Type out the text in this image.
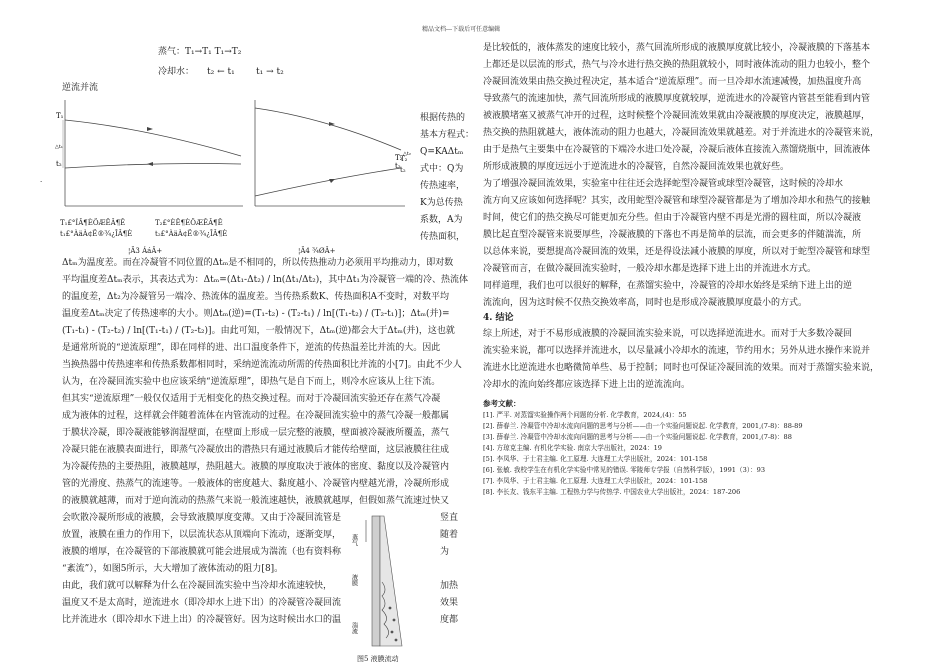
精品文档---下载后可任意编辑
蒸气：T₁→T₁ T₁→T₂
冷却水： t₂ ← t₁ t₁ → t₂
逆流并流
T₁
△t₁
t₂
T₂
t₂
△t₂
T₂
t₂
.
T₁£°ÍÂ¶ÈÖÆÊÂ¶Ê
t₁£°ÀäÀ¢Ë®¾¿ÎÂ¶È
¦Ä3 ÁáÂ+
T₂£°ÈÊ¶ÈÖÆÊÂ¶Ê
t₂£°ÀäÀ¢Ë®¾¿ÎÂ¶È
¦Ä4 ¾ØÂ+
根据传热的
基本方程式：
Q=KAΔtₘ
式中：Q为
传热速率，
K为总传热
系数，A为
传热面积，
Δtₘ为温度差。而在冷凝管不同位置的Δtₘ是不相同的，所以传热推动力必须用平均推动力，即对数
平均温度差Δtₘ表示，其表达式为：Δtₘ=(Δt₁-Δt₂) / ln(Δt₁/Δt₂)，其中Δt₁为冷凝管一端的冷、热流体
的温度差，Δt₂为冷凝管另一端冷、热流体的温度差。当传热系数K、传热面积A不变时，对数平均
温度差Δtₘ决定了传热速率的大小。则Δtₘ(逆)=(T₁-t₂) - (T₂-t₁) / ln[(T₁-t₂) / (T₂-t₁)]；Δtₘ(并)=
(T₁-t₁) - (T₂-t₂) / ln[(T₁-t₁) / (T₂-t₂)]。由此可知，一般情况下，Δtₘ(逆)都会大于Δtₘ(并)，这也就
是通常所说的“逆流原理”，即在同样的进、出口温度条件下，逆流的传热温差比并流的大。因此
当换热器中传热速率和传热系数都相同时，采纳逆流流动所需的传热面积比并流的小[7]。由此不少人
认为，在冷凝回流实验中也应该采纳“逆流原理”，即热气是自下而上，则冷水应该从上往下流。
但其实“逆流原理”一般仅仅适用于无相变化的热交换过程。而对于冷凝回流实验还存在蒸气冷凝
成为液体的过程，这样就会伴随着流体在内管流动的过程。在冷凝回流实验中的蒸气冷凝一般都属
于膜状冷凝，即冷凝液能够润湿壁面，在壁面上形成一层完整的液膜，壁面被冷凝液所覆盖，蒸气
冷凝只能在液膜表面进行，即蒸气冷凝放出的潜热只有通过液膜后才能传给壁面，这层液膜往往成
为冷凝传热的主要热阻，液膜越厚，热阻越大。液膜的厚度取决于液体的密度、黏度以及冷凝管内
管的光滑度、热蒸气的流速等。一般液体的密度越大、黏度越小、冷凝管内壁越光滑，冷凝所形成
的液膜就越薄，而对于逆向流动的热蒸气来说一般流速越快，液膜就越厚，但假如蒸气流速过快又
会吹散冷凝所形成的液膜，会导致液膜厚度变薄。又由于冷凝回流管是
放置，液膜在重力的作用下，以层流状态从顶端向下流动，逐渐变厚，
液膜的增厚，在冷凝管的下部液膜就可能会进展成为湍流（也有资料称
“紊流”），如图5所示，大大增加了液体流动的阻力[8]。
由此，我们就可以解释为什么在冷凝回流实验中当冷却水流速较快，
温度又不是太高时，逆流进水（即冷却水上进下出）的冷凝管冷凝回流
比并流进水（即冷却水下进上出）的冷凝管好。因为这时候出水口的温
竖直
随着
为
加热
效果
度都
蒸气
液膜
湍流
图5 液膜流动
是比较低的，液体蒸发的速度比较小，蒸气回流所形成的液膜厚度就比较小，冷凝液膜的下落基本
上都还是以层流的形式，热气与冷水进行热交换的热阻就较小，同时液体流动的阻力也较小，整个
冷凝回流效果由热交换过程决定，基本适合“逆流原理”。而一旦冷却水流速减慢，加热温度升高
导致蒸气的流速加快，蒸气回流所形成的液膜厚度就较厚，逆流进水的冷凝管内管甚至能看到内管
被液膜堵塞又被蒸气冲开的过程，这时候整个冷凝回流效果就由冷凝液膜的厚度决定，液膜越厚，
热交换的热阻就越大，液体流动的阻力也越大，冷凝回流效果就越差。对于并流进水的冷凝管来说，
由于是热气主要集中在冷凝管的下端冷水进口处冷凝，冷凝后液体直接流入蒸馏烧瓶中，回流液体
所形成液膜的厚度远远小于逆流进水的冷凝管，自然冷凝回流效果也就好些。
为了增强冷凝回流效果，实验室中往往还会选择蛇型冷凝管或球型冷凝管，这时候的冷却水
流方向又应该如何选择呢？其实，改用蛇型冷凝管和球型冷凝管都是为了增加冷却水和热气的接触
时间，使它们的热交换尽可能更加充分些。但由于冷凝管内壁不再是光滑的圆柱面，所以冷凝液
膜比起直型冷凝管来说要厚些，冷凝液膜的下落也不再是简单的层流，而会更多的伴随湍流，所
以总体来说，要想提高冷凝回流的效果，还是得设法减小液膜的厚度，所以对于蛇型冷凝管和球型
冷凝管而言，在做冷凝回流实验时，一般冷却水都是选择下进上出的并流进水方式。
同样道理，我们也可以很好的解释，在蒸馏实验中，冷凝管的冷却水始终是采纳下进上出的逆
流流向，因为这时候不仅热交换效率高，同时也是形成冷凝液膜厚度最小的方式。
4. 结论
综上所述，对于不易形成液膜的冷凝回流实验来说，可以选择逆流进水。而对于大多数冷凝回
流实验来说，都可以选择并流进水，以尽量减小冷却水的流速，节约用水；另外从进水操作来说并
流进水比逆流进水也略微简单些、易于控制；同时也可保证冷凝回流的效果。而对于蒸馏实验来说，
冷却水的流向始终都应该选择下进上出的逆流流向。
参考文献：
[1]. 严平. 对蒸馏实验操作两个问题的分析. 化学教育，2024,(4)：55
[2]. 薛春兰. 冷凝管中冷却水流向问题的思考与分析——由一个实验问题说起. 化学教育，2001,(7-8)：88-89
[3]. 薛春兰. 冷凝管中冷却水流向问题的思考与分析——由一个实验问题说起. 化学教育，2001,(7-8)：88
[4]. 方琼克主编. 有机化学实验. 南京大学出版社，2024：19
[5]. 李凤华、于士君主编. 化工原理. 大连理工大学出版社，2024：101-158
[6]. 张敏. 我校学生在有机化学实验中常见的错误. 零陵师专学报（自然科学版），1991（3）：93
[7]. 李凤华、于士君主编. 化工原理. 大连理工大学出版社，2024：101-158
[8]. 李长友、钱东平主编. 工程热力学与传热学. 中国农业大学出版社，2024：187-206
